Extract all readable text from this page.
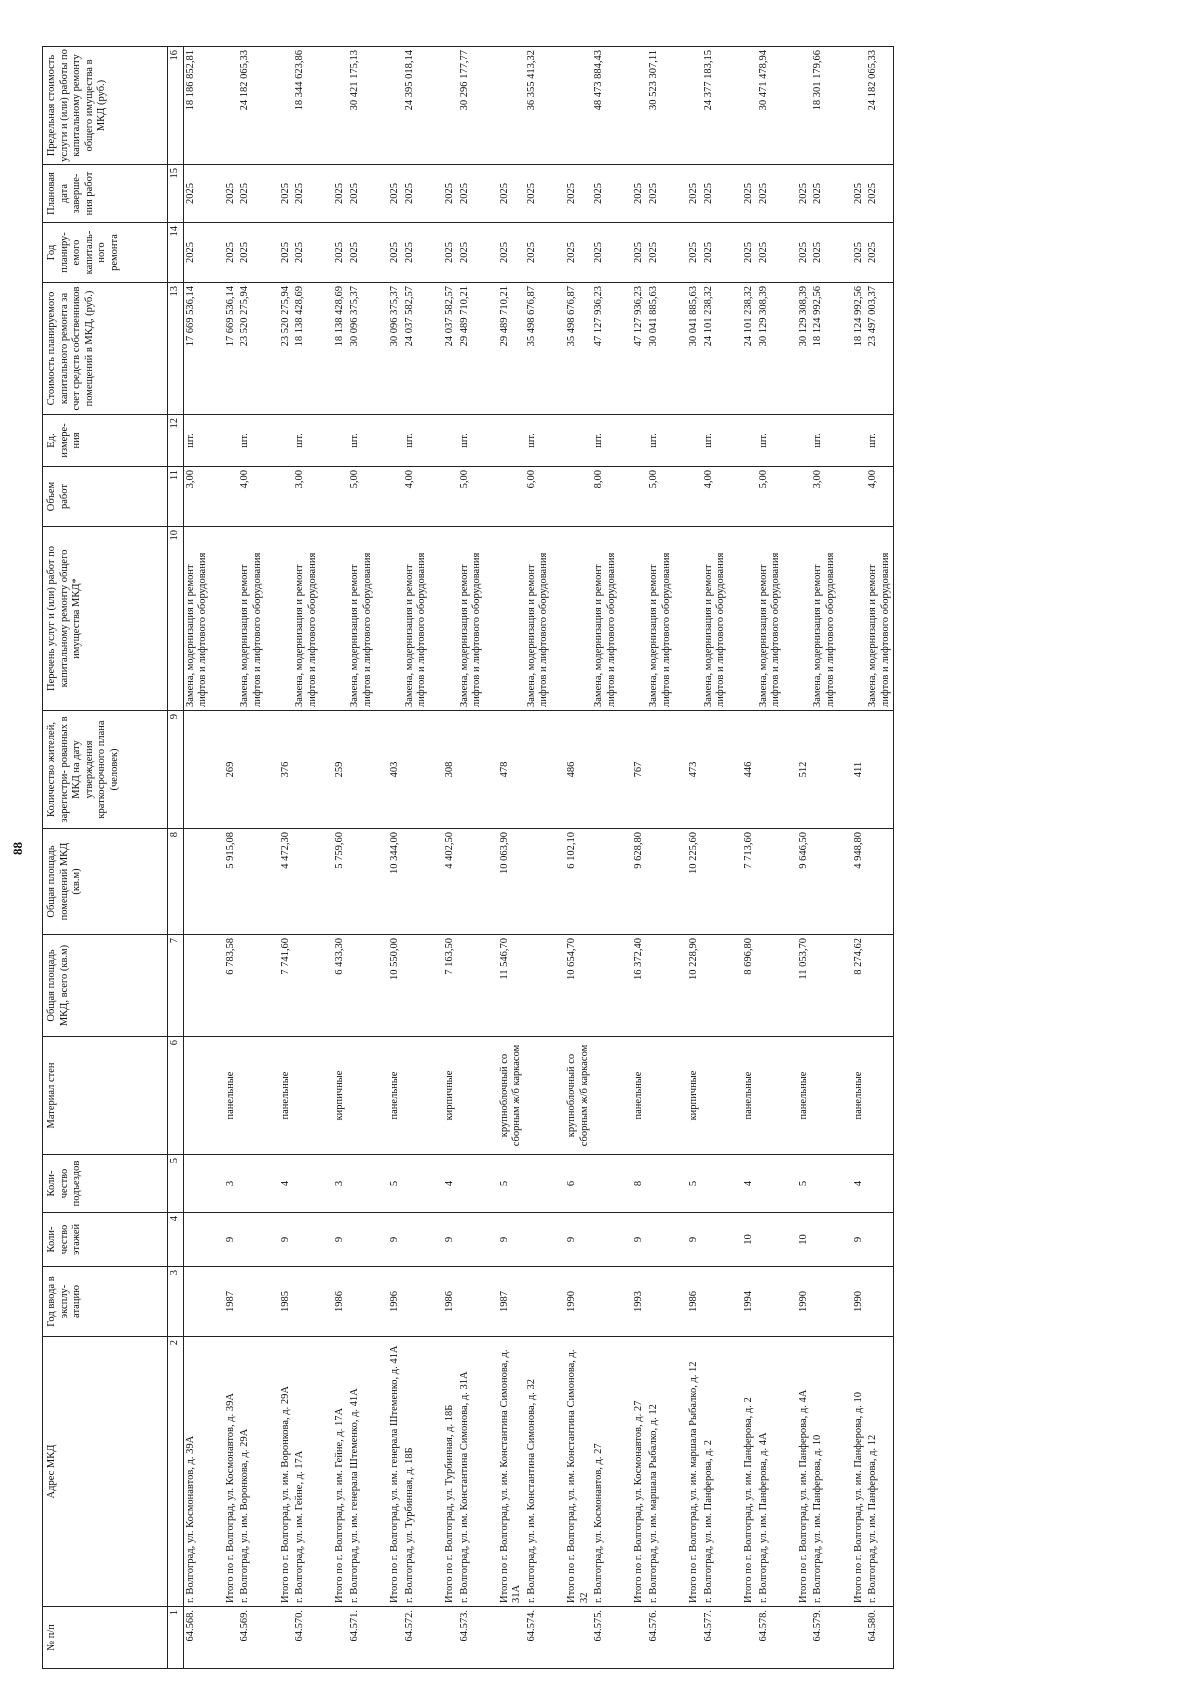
88
№ п/п	Адрес МКД	Год ввода в эксплу- атацию	Коли- чество этажей	Коли- чество подъездов	Материал стен	Общая площадь МКД, всего (кв.м)	Общая площадь помещений МКД (кв.м)	Количество жителей, зарегистри- рованных в МКД на дату утверждения краткосрочного плана (человек)	Перечень услуг и (или) работ по капитальному ремонту общего имущества МКД*	Объем работ	Ед. измере- ния	Стоимость планируемого капитального ремонта за счет средств собственников помещений в МКД, (руб.)	Год планиру- емого капиталь- ного ремонта	Плановая дата заверше- ния работ	Предельная стоимость услуги и (или) работы по капитальному ремонту общего имущества в МКД (руб.)
1	2	3	4	5	6	7	8	9	10	11	12	13	14	15	16
64.568.	г. Волгоград, ул. Космонавтов, д. 39А								Замена, модернизация и ремонт лифтов и лифтового оборудования	3,00	шт.	17 669 536,14	2025	2025	18 186 852,81
	Итого по г. Волгоград, ул. Космонавтов, д. 39А	1987	9	3	панельные	6 783,58	5 915,08	269				17 669 536,14	2025	2025	
64.569.	г. Волгоград, ул. им. Воронкова, д. 29А								Замена, модернизация и ремонт лифтов и лифтового оборудования	4,00	шт.	23 520 275,94	2025	2025	24 182 065,33
	Итого по г. Волгоград, ул. им. Воронкова, д. 29А	1985	9	4	панельные	7 741,60	4 472,30	376				23 520 275,94	2025	2025	
64.570.	г. Волгоград, ул. им. Гейне, д. 17А								Замена, модернизация и ремонт лифтов и лифтового оборудования	3,00	шт.	18 138 428,69	2025	2025	18 344 623,86
	Итого по г. Волгоград, ул. им. Гейне, д. 17А	1986	9	3	кирпичные	6 433,30	5 759,60	259				18 138 428,69	2025	2025	
64.571.	г. Волгоград, ул. им. генерала Штеменко, д. 41А								Замена, модернизация и ремонт лифтов и лифтового оборудования	5,00	шт.	30 096 375,37	2025	2025	30 421 175,13
	Итого по г. Волгоград, ул. им. генерала Штеменко, д. 41А	1996	9	5	панельные	10 550,00	10 344,00	403				30 096 375,37	2025	2025	
64.572.	г. Волгоград, ул. Турбинная, д. 18Б								Замена, модернизация и ремонт лифтов и лифтового оборудования	4,00	шт.	24 037 582,57	2025	2025	24 395 018,14
	Итого по г. Волгоград, ул. Турбинная, д. 18Б	1986	9	4	кирпичные	7 163,50	4 402,50	308				24 037 582,57	2025	2025	
64.573.	г. Волгоград, ул. им. Константина Симонова, д. 31А								Замена, модернизация и ремонт лифтов и лифтового оборудования	5,00	шт.	29 489 710,21	2025	2025	30 296 177,77
	Итого по г. Волгоград, ул. им. Константина Симонова, д. 31А	1987	9	5	крупноблочный со сборным ж/б каркасом	11 546,70	10 063,90	478				29 489 710,21	2025	2025	
64.574.	г. Волгоград, ул. им. Константина Симонова, д. 32								Замена, модернизация и ремонт лифтов и лифтового оборудования	6,00	шт.	35 498 676,87	2025	2025	36 355 413,32
	Итого по г. Волгоград, ул. им. Константина Симонова, д. 32	1990	9	6	крупноблочный со сборным ж/б каркасом	10 654,70	6 102,10	486				35 498 676,87	2025	2025	
64.575.	г. Волгоград, ул. Космонавтов, д. 27								Замена, модернизация и ремонт лифтов и лифтового оборудования	8,00	шт.	47 127 936,23	2025	2025	48 473 884,43
	Итого по г. Волгоград, ул. Космонавтов, д. 27	1993	9	8	панельные	16 372,40	9 628,80	767				47 127 936,23	2025	2025	
64.576.	г. Волгоград, ул. им. маршала Рыбалко, д. 12								Замена, модернизация и ремонт лифтов и лифтового оборудования	5,00	шт.	30 041 885,63	2025	2025	30 523 307,11
	Итого по г. Волгоград, ул. им. маршала Рыбалко, д. 12	1986	9	5	кирпичные	10 228,90	10 225,60	473				30 041 885,63	2025	2025	
64.577.	г. Волгоград, ул. им. Панферова, д. 2								Замена, модернизация и ремонт лифтов и лифтового оборудования	4,00	шт.	24 101 238,32	2025	2025	24 377 183,15
	Итого по г. Волгоград, ул. им. Панферова, д. 2	1994	10	4	панельные	8 696,80	7 713,60	446				24 101 238,32	2025	2025	
64.578.	г. Волгоград, ул. им. Панферова, д. 4А								Замена, модернизация и ремонт лифтов и лифтового оборудования	5,00	шт.	30 129 308,39	2025	2025	30 471 478,94
	Итого по г. Волгоград, ул. им. Панферова, д. 4А	1990	10	5	панельные	11 053,70	9 646,50	512				30 129 308,39	2025	2025	
64.579.	г. Волгоград, ул. им. Панферова, д. 10								Замена, модернизация и ремонт лифтов и лифтового оборудования	3,00	шт.	18 124 992,56	2025	2025	18 301 179,66
	Итого по г. Волгоград, ул. им. Панферова, д. 10	1990	9	4	панельные	8 274,62	4 948,80	411				18 124 992,56	2025	2025	
64.580.	г. Волгоград, ул. им. Панферова, д. 12								Замена, модернизация и ремонт лифтов и лифтового оборудования	4,00	шт.	23 497 003,37	2025	2025	24 182 065,33
